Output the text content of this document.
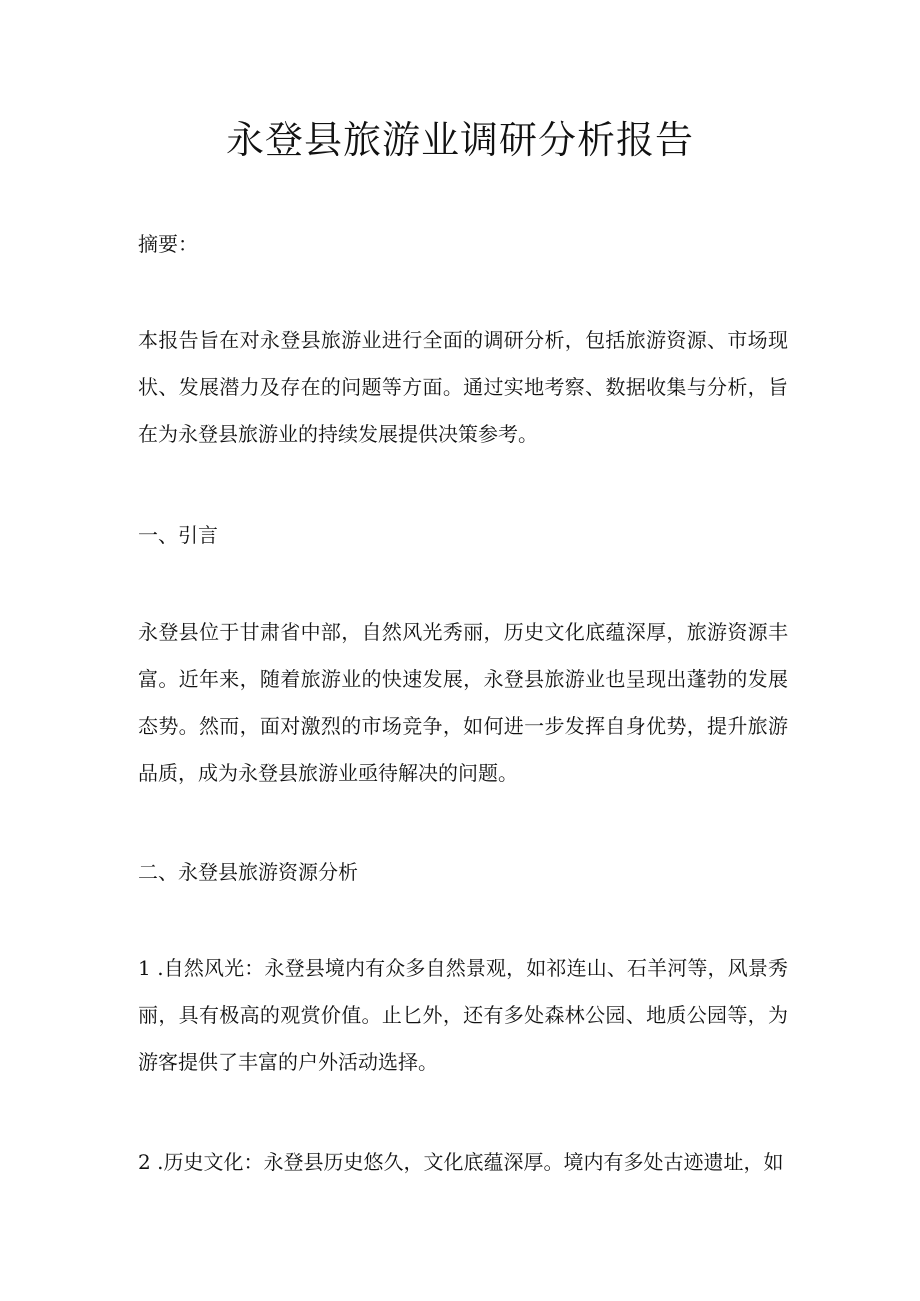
永登县旅游业调研分析报告

摘要：

本报告旨在对永登县旅游业进行全面的调研分析，包括旅游资源、市场现状、发展潜力及存在的问题等方面。通过实地考察、数据收集与分析，旨在为永登县旅游业的持续发展提供决策参考。

一、引言

永登县位于甘肃省中部，自然风光秀丽，历史文化底蕴深厚，旅游资源丰富。近年来，随着旅游业的快速发展，永登县旅游业也呈现出蓬勃的发展态势。然而，面对激烈的市场竞争，如何进一步发挥自身优势，提升旅游品质，成为永登县旅游业亟待解决的问题。

二、永登县旅游资源分析

1 .自然风光：永登县境内有众多自然景观，如祁连山、石羊河等，风景秀丽，具有极高的观赏价值。止匕外，还有多处森林公园、地质公园等，为游客提供了丰富的户外活动选择。

2 .历史文化：永登县历史悠久，文化底蕴深厚。境内有多处古迹遗址，如
